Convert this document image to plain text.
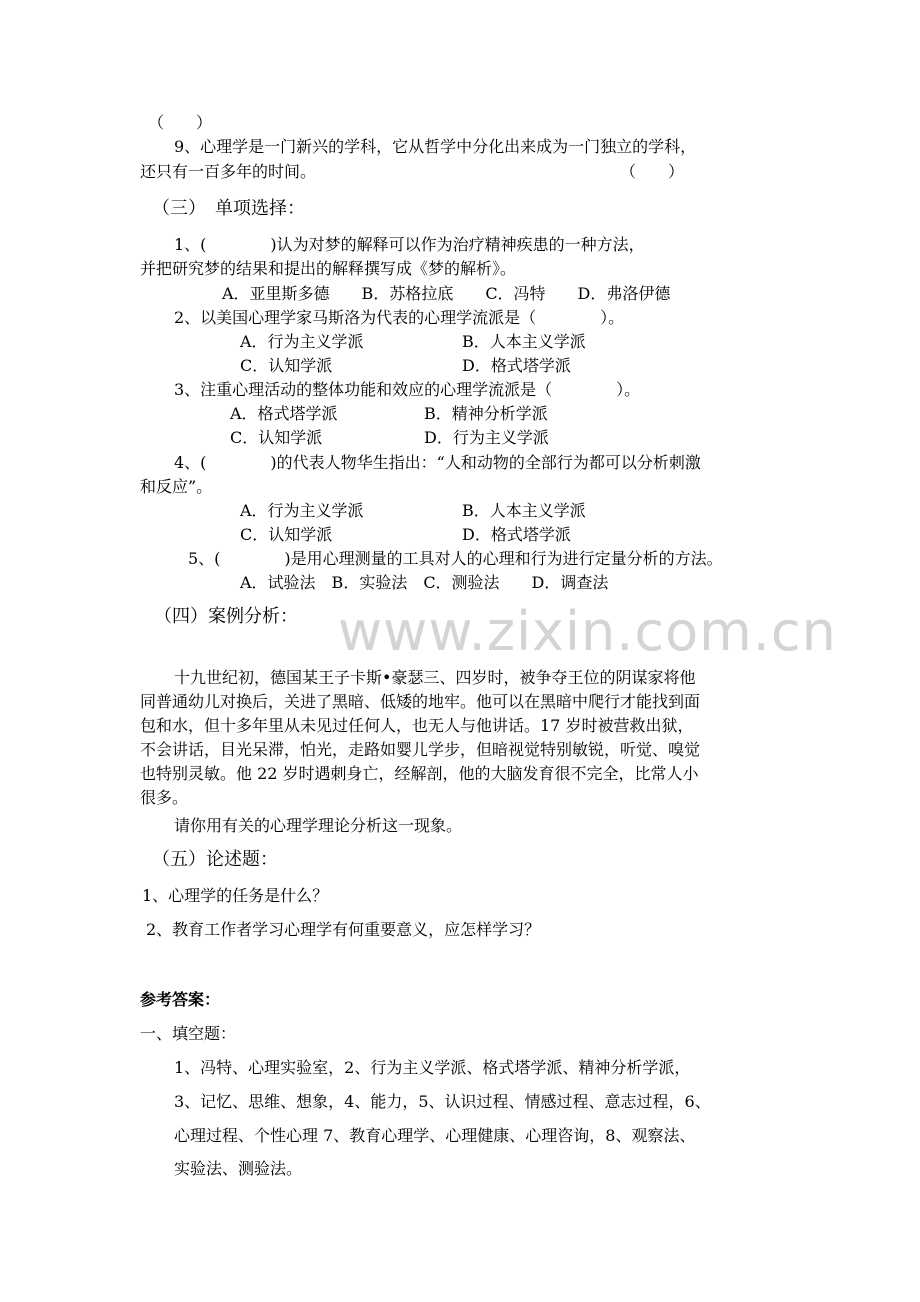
www.zixin.com.cn
（　　）
9、心理学是一门新兴的学科，它从哲学中分化出来成为一门独立的学科，
还只有一百多年的时间。	（　　）
（三）　单项选择：
1、(　　　　)认为对梦的解释可以作为治疗精神疾患的一种方法，
并把研究梦的结果和提出的解释撰写成《梦的解析》。
A．亚里斯多德　　B．苏格拉底　　C．冯特　　D．弗洛伊德
2、以美国心理学家马斯洛为代表的心理学流派是（　　　　）。
A．行为主义学派	B．人本主义学派
C．认知学派	D．格式塔学派
3、注重心理活动的整体功能和效应的心理学流派是（　　　　）。
A．格式塔学派	B．精神分析学派
C．认知学派	D．行为主义学派
4、(　　　　)的代表人物华生指出：“人和动物的全部行为都可以分析刺激
和反应”。
A．行为主义学派	B．人本主义学派
C．认知学派	D．格式塔学派
5、(　　　　)是用心理测量的工具对人的心理和行为进行定量分析的方法。
A．试验法　B．实验法　C．测验法　　D．调查法
（四）案例分析：
十九世纪初，德国某王子卡斯•豪瑟三、四岁时，被争夺王位的阴谋家将他
同普通幼儿对换后，关进了黑暗、低矮的地牢。他可以在黑暗中爬行才能找到面
包和水，但十多年里从未见过任何人，也无人与他讲话。17 岁时被营救出狱，
不会讲话，目光呆滞，怕光，走路如婴儿学步，但暗视觉特别敏锐，听觉、嗅觉
也特别灵敏。他 22 岁时遇刺身亡，经解剖，他的大脑发育很不完全，比常人小
很多。
请你用有关的心理学理论分析这一现象。
（五）论述题：
1、心理学的任务是什么？
2、教育工作者学习心理学有何重要意义，应怎样学习？
参考答案：
一、填空题：
1、冯特、心理实验室，2、行为主义学派、格式塔学派、精神分析学派，
3、记忆、思维、想象，4、能力，5、认识过程、情感过程、意志过程，6、
心理过程、个性心理 7、教育心理学、心理健康、心理咨询，8、观察法、
实验法、测验法。
